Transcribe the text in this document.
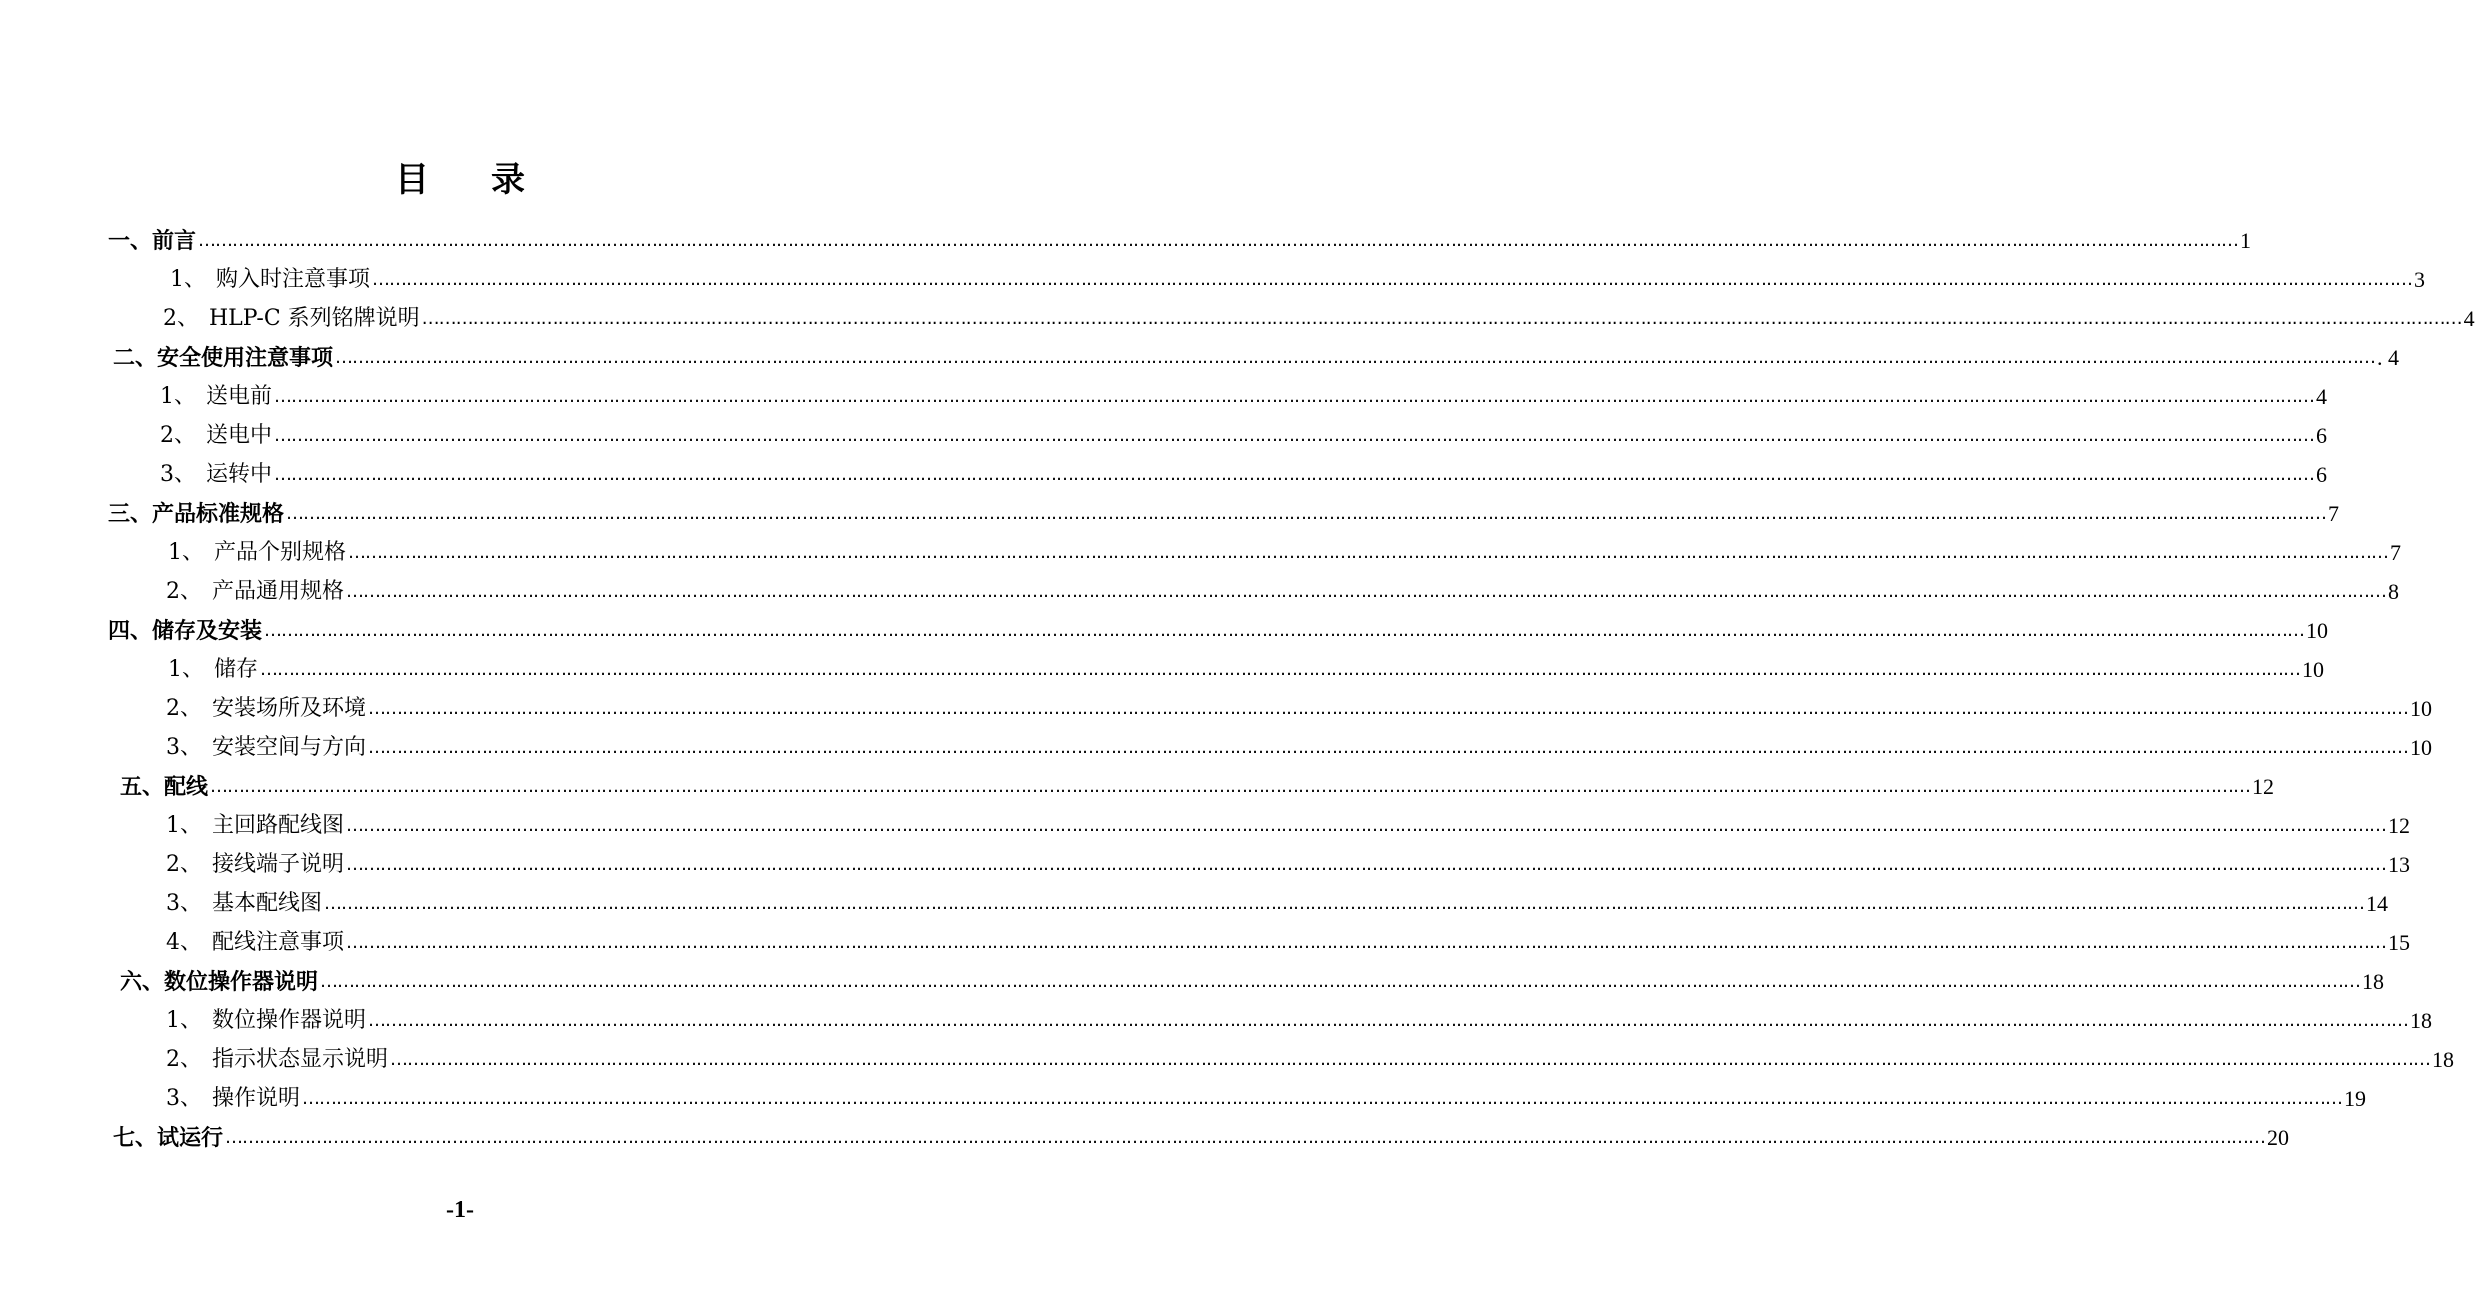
目 录
一、 前言 ……………………………………………………………………………………………………………………………………………………………………………………………………………………………………………………………………………………………………………………………… 1
1、 购入时注意事项 ……………………………………………………………………………………………………………………………………………………………………………………………………………………………………………………………………………………………………………………………… 3
2、 HLP-C 系列铭牌说明 ……………………………………………………………………………………………………………………………………………………………………………………………………………………………………………………………………………………………………………………………… 4
二、 安全使用注意事项 ……………………………………………………………………………………………………………………………………………………………………………………………………………………………………………………………………………………………………………………………… . 4
1、 送电前 ……………………………………………………………………………………………………………………………………………………………………………………………………………………………………………………………………………………………………………………………… 4
2、 送电中 ……………………………………………………………………………………………………………………………………………………………………………………………………………………………………………………………………………………………………………………………… 6
3、 运转中 ……………………………………………………………………………………………………………………………………………………………………………………………………………………………………………………………………………………………………………………………… 6
三、 产品标准规格 ……………………………………………………………………………………………………………………………………………………………………………………………………………………………………………………………………………………………………………………………… 7
1、 产品个别规格 ……………………………………………………………………………………………………………………………………………………………………………………………………………………………………………………………………………………………………………………………… 7
2、 产品通用规格 ……………………………………………………………………………………………………………………………………………………………………………………………………………………………………………………………………………………………………………………………… 8
四、 储存及安装 ……………………………………………………………………………………………………………………………………………………………………………………………………………………………………………………………………………………………………………………………… 10
1、 储存 ……………………………………………………………………………………………………………………………………………………………………………………………………………………………………………………………………………………………………………………………… 10
2、 安装场所及环境 ……………………………………………………………………………………………………………………………………………………………………………………………………………………………………………………………………………………………………………………………… 10
3、 安装空间与方向 ……………………………………………………………………………………………………………………………………………………………………………………………………………………………………………………………………………………………………………………………… 10
五、 配线 ……………………………………………………………………………………………………………………………………………………………………………………………………………………………………………………………………………………………………………………………… 12
1、 主回路配线图 ……………………………………………………………………………………………………………………………………………………………………………………………………………………………………………………………………………………………………………………………… 12
2、 接线端子说明 ……………………………………………………………………………………………………………………………………………………………………………………………………………………………………………………………………………………………………………………………… 13
3、 基本配线图 ……………………………………………………………………………………………………………………………………………………………………………………………………………………………………………………………………………………………………………………………… 14
4、 配线注意事项 ……………………………………………………………………………………………………………………………………………………………………………………………………………………………………………………………………………………………………………………………… 15
六、 数位操作器说明 ……………………………………………………………………………………………………………………………………………………………………………………………………………………………………………………………………………………………………………………………… 18
1、 数位操作器说明 ……………………………………………………………………………………………………………………………………………………………………………………………………………………………………………………………………………………………………………………………… 18
2、 指示状态显示说明 ……………………………………………………………………………………………………………………………………………………………………………………………………………………………………………………………………………………………………………………………… 18
3、 操作说明 ……………………………………………………………………………………………………………………………………………………………………………………………………………………………………………………………………………………………………………………………… 19
七、 试运行 ……………………………………………………………………………………………………………………………………………………………………………………………………………………………………………………………………………………………………………………………… 20
-1-
